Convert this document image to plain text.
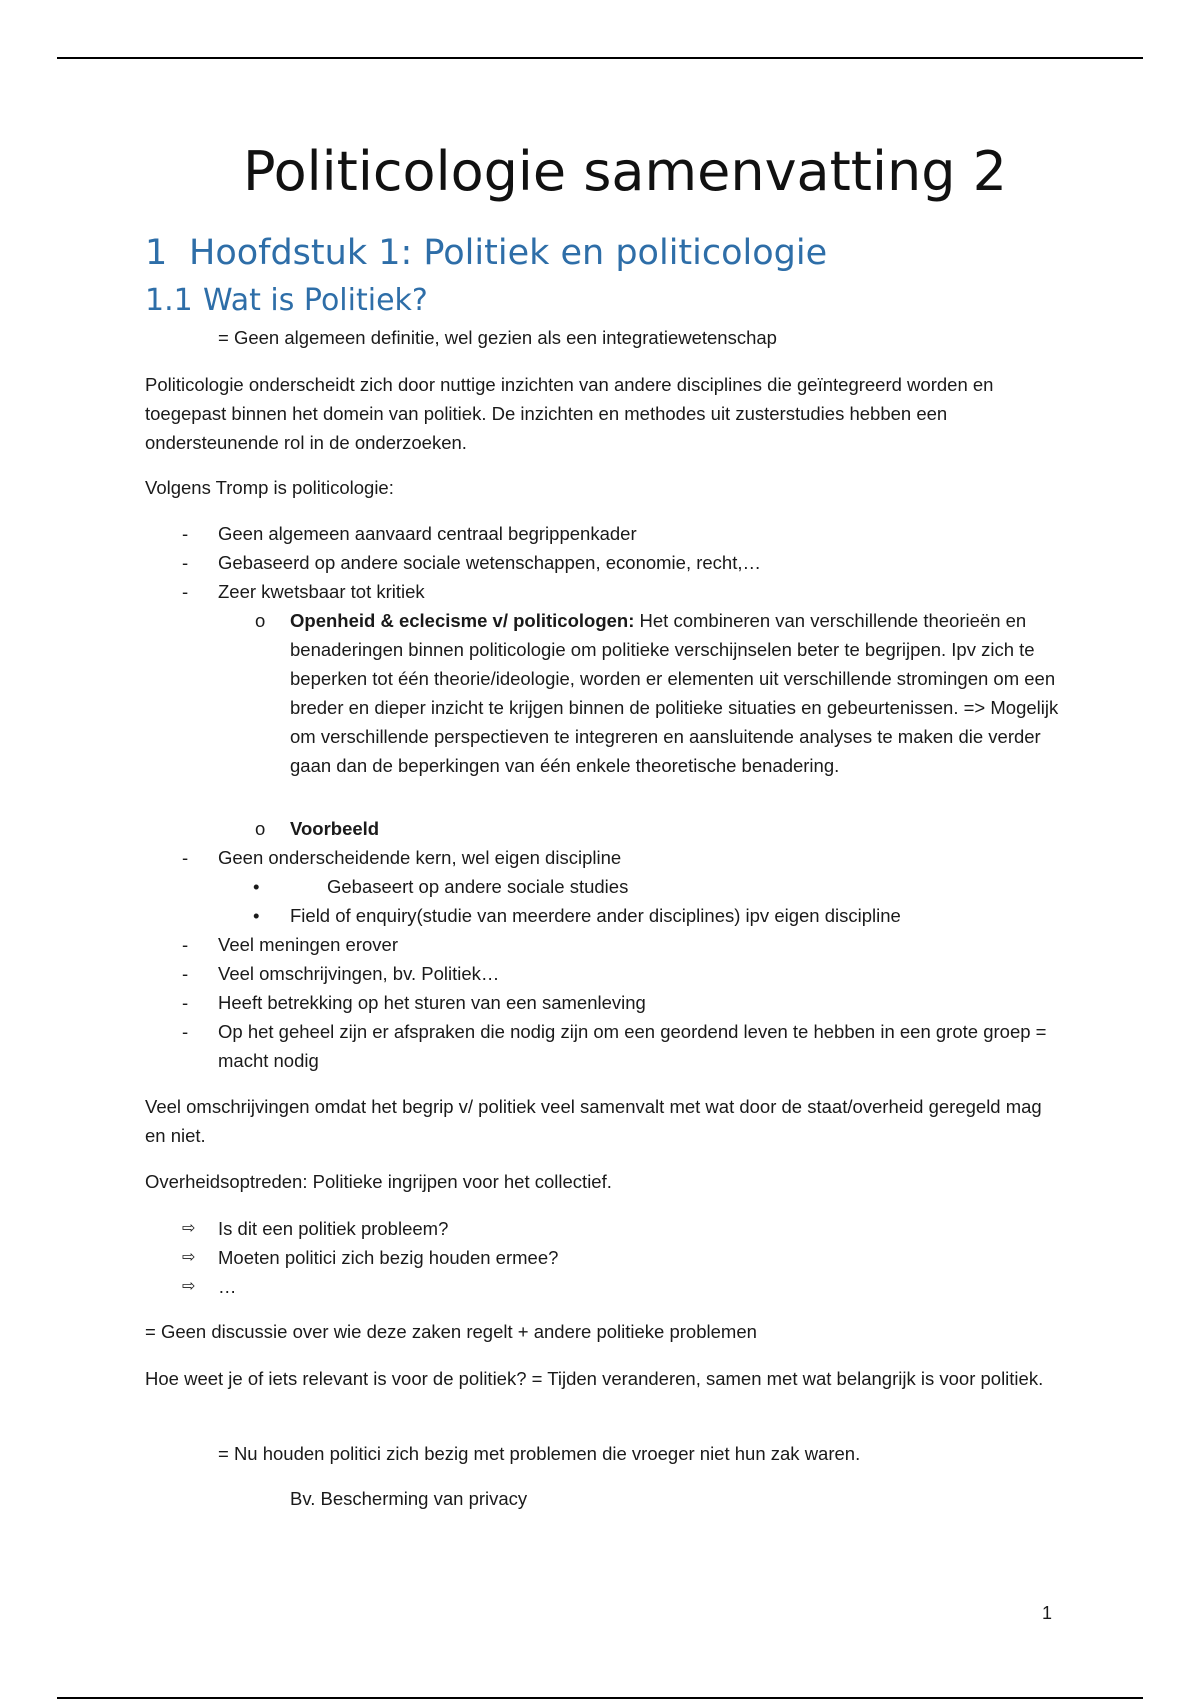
Politicologie samenvatting 2
1 Hoofdstuk 1: Politiek en politicologie
1.1 Wat is Politiek?
= Geen algemeen definitie, wel gezien als een integratiewetenschap
Politicologie onderscheidt zich door nuttige inzichten van andere disciplines die geïntegreerd worden en toegepast binnen het domein van politiek. De inzichten en methodes uit zusterstudies hebben een ondersteunende rol in de onderzoeken.
Volgens Tromp is politicologie:
- Geen algemeen aanvaard centraal begrippenkader
- Gebaseerd op andere sociale wetenschappen, economie, recht,…
- Zeer kwetsbaar tot kritiek
o Openheid & eclecisme v/ politicologen: Het combineren van verschillende theorieën en benaderingen binnen politicologie om politieke verschijnselen beter te begrijpen. Ipv zich te beperken tot één theorie/ideologie, worden er elementen uit verschillende stromingen om een breder en dieper inzicht te krijgen binnen de politieke situaties en gebeurtenissen. => Mogelijk om verschillende perspectieven te integreren en aansluitende analyses te maken die verder gaan dan de beperkingen van één enkele theoretische benadering.
o Voorbeeld
- Geen onderscheidende kern, wel eigen discipline
•	Gebaseert op andere sociale studies
• Field of enquiry(studie van meerdere ander disciplines) ipv eigen discipline
- Veel meningen erover
- Veel omschrijvingen, bv. Politiek…
- Heeft betrekking op het sturen van een samenleving
- Op het geheel zijn er afspraken die nodig zijn om een geordend leven te hebben in een grote groep = macht nodig
Veel omschrijvingen omdat het begrip v/ politiek veel samenvalt met wat door de staat/overheid geregeld mag en niet.
Overheidsoptreden: Politieke ingrijpen voor het collectief.
⇨ Is dit een politiek probleem?
⇨ Moeten politici zich bezig houden ermee?
⇨ …
= Geen discussie over wie deze zaken regelt + andere politieke problemen
Hoe weet je of iets relevant is voor de politiek? = Tijden veranderen, samen met wat belangrijk is voor politiek.
= Nu houden politici zich bezig met problemen die vroeger niet hun zak waren.
Bv. Bescherming van privacy
1
